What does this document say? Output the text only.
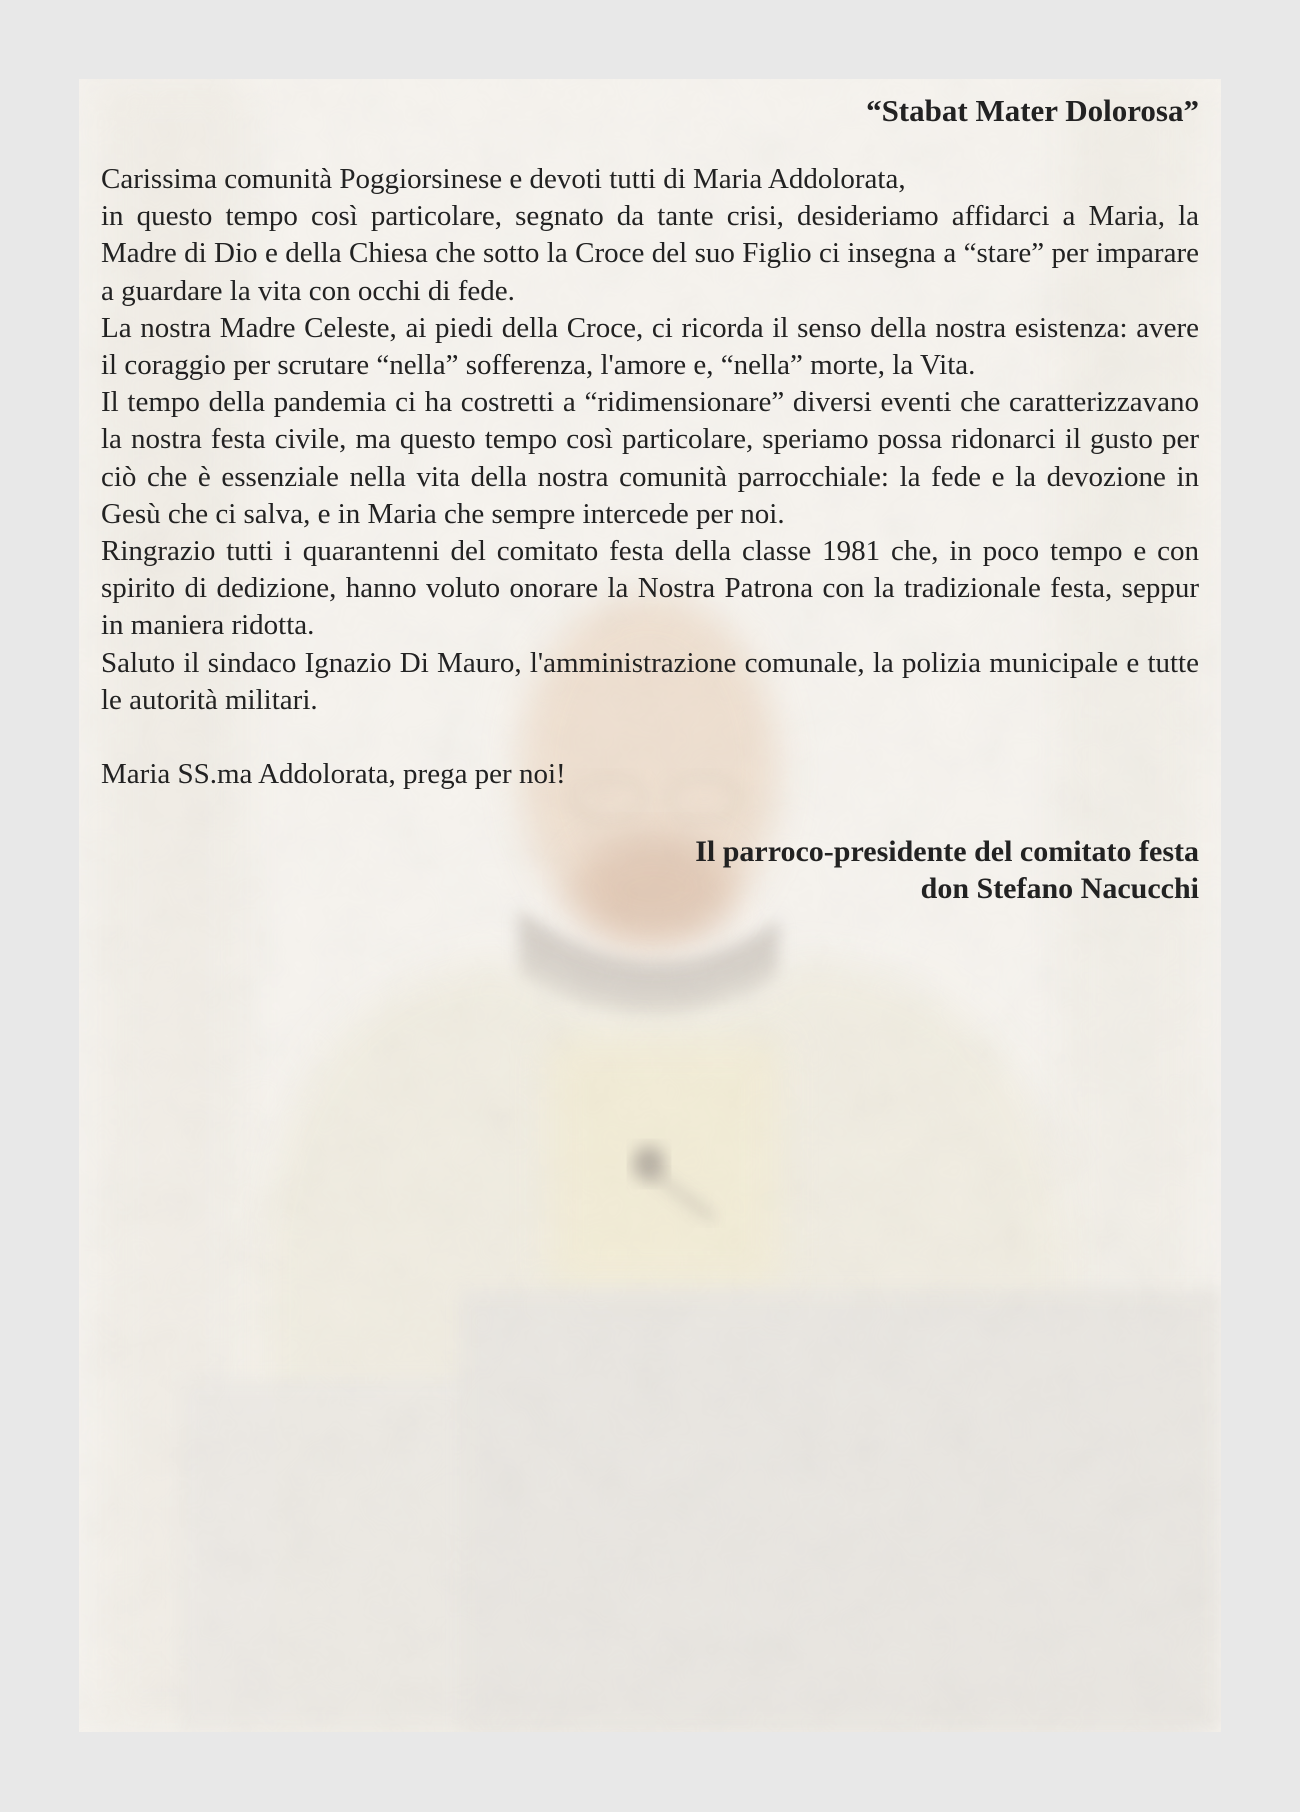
“Stabat Mater Dolorosa”

Carissima comunità Poggiorsinese e devoti tutti di Maria Addolorata,

in questo tempo così particolare, segnato da tante crisi, desideriamo affidarci a Maria, la Madre di Dio e della Chiesa che sotto la Croce del suo Figlio ci insegna a “stare” per imparare a guardare la vita con occhi di fede.

La nostra Madre Celeste, ai piedi della Croce, ci ricorda il senso della nostra esistenza: avere il coraggio per scrutare “nella” sofferenza, l'amore e, “nella” morte, la Vita.

Il tempo della pandemia ci ha costretti a “ridimensionare” diversi eventi che caratterizzavano la nostra festa civile, ma questo tempo così particolare, speriamo possa ridonarci il gusto per ciò che è essenziale nella vita della nostra comunità parrocchiale: la fede e la devozione in Gesù che ci salva, e in Maria che sempre intercede per noi.

Ringrazio tutti i quarantenni del comitato festa della classe 1981 che, in poco tempo e con spirito di dedizione, hanno voluto onorare la Nostra Patrona con la tradizionale festa, seppur in maniera ridotta.

Saluto il sindaco Ignazio Di Mauro, l'amministrazione comunale, la polizia municipale e tutte le autorità militari.

Maria SS.ma Addolorata, prega per noi!

Il parroco-presidente del comitato festa
don Stefano Nacucchi
